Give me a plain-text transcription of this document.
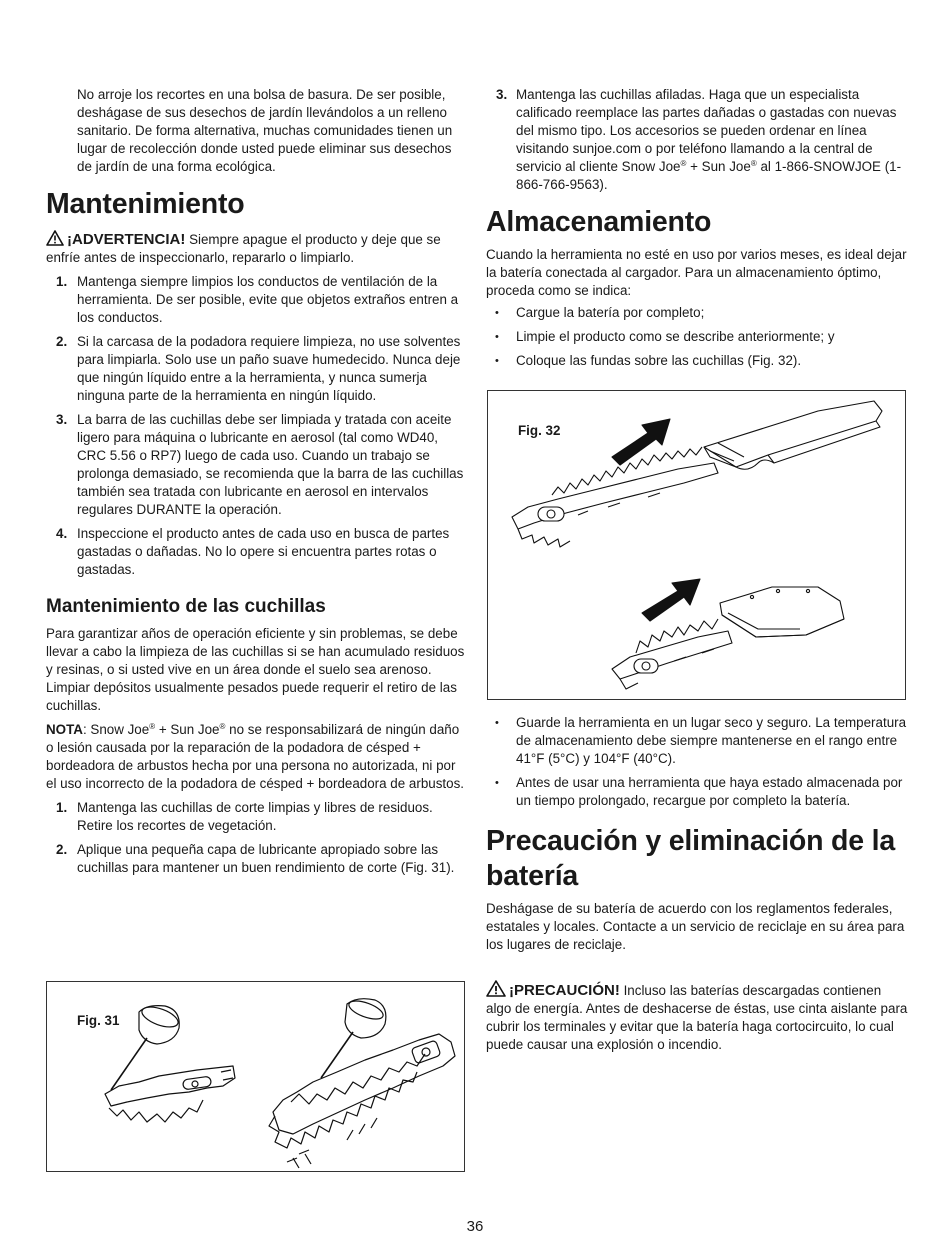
No arroje los recortes en una bolsa de basura. De ser posible, deshágase de sus desechos de jardín llevándolos a un relleno sanitario. De forma alternativa, muchas comunidades tienen un lugar de recolección donde usted puede eliminar sus desechos de jardín de una forma ecológica.

Mantenimiento

¡ADVERTENCIA! Siempre apague el producto y deje que se enfríe antes de inspeccionarlo, repararlo o limpiarlo.

1. Mantenga siempre limpios los conductos de ventilación de la herramienta. De ser posible, evite que objetos extraños entren a los conductos.
2. Si la carcasa de la podadora requiere limpieza, no use solventes para limpiarla. Solo use un paño suave humedecido. Nunca deje que ningún líquido entre a la herramienta, y nunca sumerja ninguna parte de la herramienta en ningún líquido.
3. La barra de las cuchillas debe ser limpiada y tratada con aceite ligero para máquina o lubricante en aerosol (tal como WD40, CRC 5.56 o RP7) luego de cada uso. Cuando un trabajo se prolonga demasiado, se recomienda que la barra de las cuchillas también sea tratada con lubricante en aerosol en intervalos regulares DURANTE la operación.
4. Inspeccione el producto antes de cada uso en busca de partes gastadas o dañadas. No lo opere si encuentra partes rotas o gastadas.
Mantenimiento de las cuchillas

Para garantizar años de operación eficiente y sin problemas, se debe llevar a cabo la limpieza de las cuchillas si se han acumulado residuos y resinas, o si usted vive en un área donde el suelo sea arenoso. Limpiar depósitos usualmente pesados puede requerir el retiro de las cuchillas.

NOTA: Snow Joe® + Sun Joe® no se responsabilizará de ningún daño o lesión causada por la reparación de la podadora de césped + bordeadora de arbustos hecha por una persona no autorizada, ni por el uso incorrecto de la podadora de césped + bordeadora de arbustos.

1. Mantenga las cuchillas de corte limpias y libres de residuos. Retire los recortes de vegetación.
2. Aplique una pequeña capa de lubricante apropiado sobre las cuchillas para mantener un buen rendimiento de corte (Fig. 31).
Fig. 31
3. Mantenga las cuchillas afiladas. Haga que un especialista calificado reemplace las partes dañadas o gastadas con nuevas del mismo tipo. Los accesorios se pueden ordenar en línea visitando sunjoe.com o por teléfono llamando a la central de servicio al cliente Snow Joe® + Sun Joe® al 1-866-SNOWJOE (1-866-766-9563).
Almacenamiento

Cuando la herramienta no esté en uso por varios meses, es ideal dejar la batería conectada al cargador. Para un almacenamiento óptimo, proceda como se indica:

• Cargue la batería por completo;
• Limpie el producto como se describe anteriormente; y
• Coloque las fundas sobre las cuchillas (Fig. 32).
Fig. 32
• Guarde la herramienta en un lugar seco y seguro. La temperatura de almacenamiento debe siempre mantenerse en el rango entre 41°F (5°C) y 104°F (40°C).
• Antes de usar una herramienta que haya estado almacenada por un tiempo prolongado, recargue por completo la batería.
Precaución y eliminación de la batería

Deshágase de su batería de acuerdo con los reglamentos federales, estatales y locales. Contacte a un servicio de reciclaje en su área para los lugares de reciclaje.

¡PRECAUCIÓN! Incluso las baterías descargadas contienen algo de energía. Antes de deshacerse de éstas, use cinta aislante para cubrir los terminales y evitar que la batería haga cortocircuito, lo cual puede causar una explosión o incendio.

36
